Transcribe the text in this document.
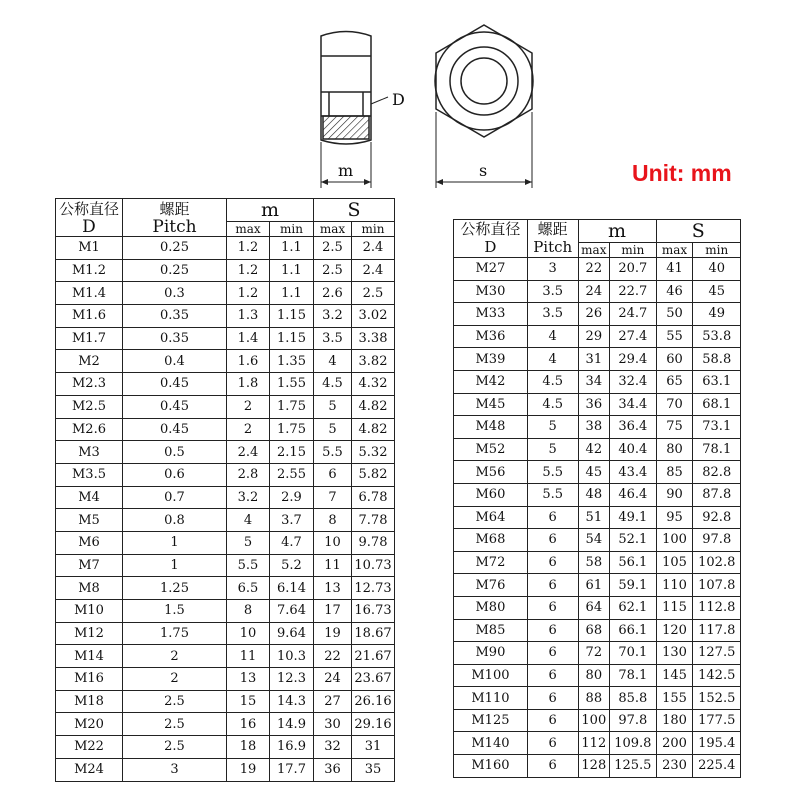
D
m	s	Unit: mm
公称直径	螺距	m		S	
D	Pitch				
		max	min	max	min
M1	0.25	1.2	1.1	2.5	2.4
M1.2	0.25	1.2	1.1	2.5	2.4
M1.4	0.3	1.2	1.1	2.6	2.5
M1.6	0.35	1.3	1.15	3.2	3.02
M1.7	0.35	1.4	1.15	3.5	3.38
M2	0.4	1.6	1.35	4	3.82
M2.3	0.45	1.8	1.55	4.5	4.32
M2.5	0.45	2	1.75	5	4.82
M2.6	0.45	2	1.75	5	4.82
M3	0.5	2.4	2.15	5.5	5.32
M3.5	0.6	2.8	2.55	6	5.82
M4	0.7	3.2	2.9	7	6.78
M5	0.8	4	3.7	8	7.78
M6	1	5	4.7	10	9.78
M7	1	5.5	5.2	11	10.73
M8	1.25	6.5	6.14	13	12.73
M10	1.5	8	7.64	17	16.73
M12	1.75	10	9.64	19	18.67
M14	2	11	10.3	22	21.67
M16	2	13	12.3	24	23.67
M18	2.5	15	14.3	27	26.16
M20	2.5	16	14.9	30	29.16
M22	2.5	18	16.9	32	31
M24	3	19	17.7	36	35
公称直径	螺距	m		S	
D	Pitch				
		max	min	max	min
M27	3	22	20.7	41	40
M30	3.5	24	22.7	46	45
M33	3.5	26	24.7	50	49
M36	4	29	27.4	55	53.8
M39	4	31	29.4	60	58.8
M42	4.5	34	32.4	65	63.1
M45	4.5	36	34.4	70	68.1
M48	5	38	36.4	75	73.1
M52	5	42	40.4	80	78.1
M56	5.5	45	43.4	85	82.8
M60	5.5	48	46.4	90	87.8
M64	6	51	49.1	95	92.8
M68	6	54	52.1	100	97.8
M72	6	58	56.1	105	102.8
M76	6	61	59.1	110	107.8
M80	6	64	62.1	115	112.8
M85	6	68	66.1	120	117.8
M90	6	72	70.1	130	127.5
M100	6	80	78.1	145	142.5
M110	6	88	85.8	155	152.5
M125	6	100	97.8	180	177.5
M140	6	112	109.8	200	195.4
M160	6	128	125.5	230	225.4
